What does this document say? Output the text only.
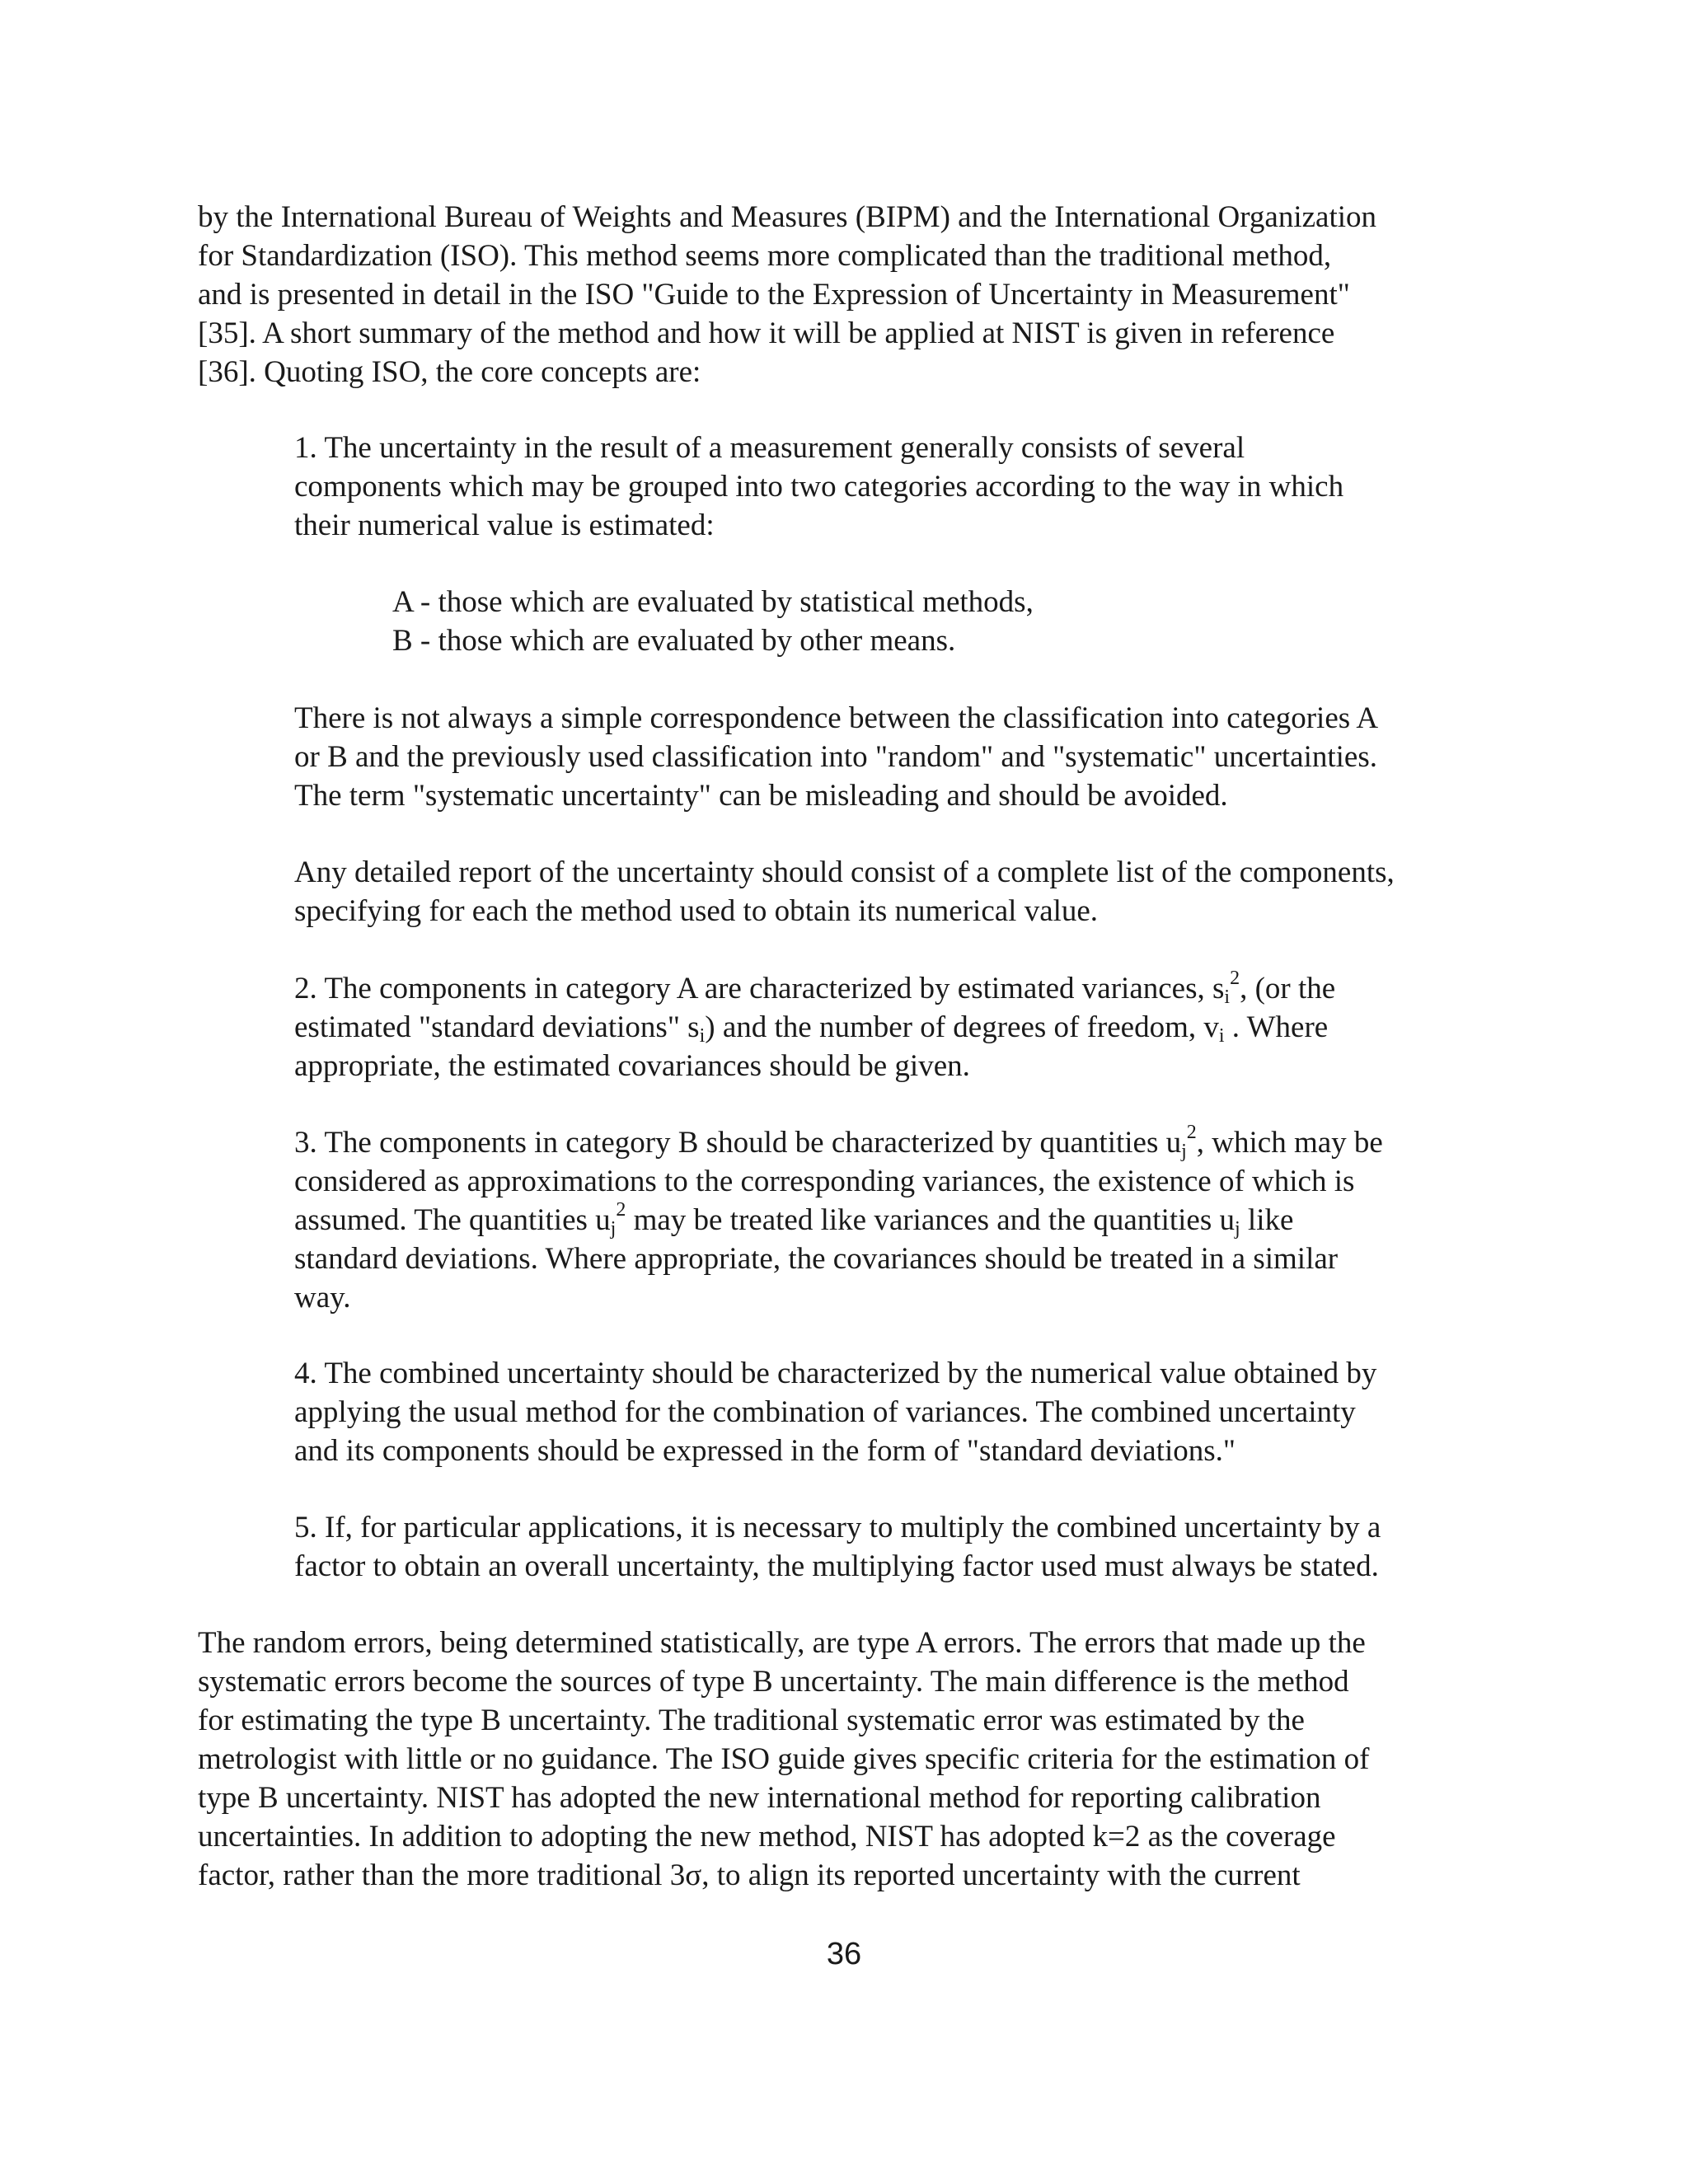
by the International Bureau of Weights and Measures (BIPM) and the International Organization
for Standardization (ISO). This method seems more complicated than the traditional method,
and is presented in detail in the ISO "Guide to the Expression of Uncertainty in Measurement"
[35]. A short summary of the method and how it will be applied at NIST is given in reference
[36]. Quoting ISO, the core concepts are:
1. The uncertainty in the result of a measurement generally consists of several
components which may be grouped into two categories according to the way in which
their numerical value is estimated:
A - those which are evaluated by statistical methods,
B - those which are evaluated by other means.
There is not always a simple correspondence between the classification into categories A
or B and the previously used classification into "random" and "systematic" uncertainties.
The term "systematic uncertainty" can be misleading and should be avoided.
Any detailed report of the uncertainty should consist of a complete list of the components,
specifying for each the method used to obtain its numerical value.
2. The components in category A are characterized by estimated variances, $s_i^2$, (or the
estimated "standard deviations" $s_i$) and the number of degrees of freedom, $v_i$ . Where
appropriate, the estimated covariances should be given.
3. The components in category B should be characterized by quantities $u_j^2$, which may be
considered as approximations to the corresponding variances, the existence of which is
assumed. The quantities $u_j^2$ may be treated like variances and the quantities $u_j$ like
standard deviations. Where appropriate, the covariances should be treated in a similar
way.
4. The combined uncertainty should be characterized by the numerical value obtained by
applying the usual method for the combination of variances. The combined uncertainty
and its components should be expressed in the form of "standard deviations."
5. If, for particular applications, it is necessary to multiply the combined uncertainty by a
factor to obtain an overall uncertainty, the multiplying factor used must always be stated.
The random errors, being determined statistically, are type A errors. The errors that made up the
systematic errors become the sources of type B uncertainty. The main difference is the method
for estimating the type B uncertainty. The traditional systematic error was estimated by the
metrologist with little or no guidance. The ISO guide gives specific criteria for the estimation of
type B uncertainty. NIST has adopted the new international method for reporting calibration
uncertainties. In addition to adopting the new method, NIST has adopted k=2 as the coverage
factor, rather than the more traditional 3σ, to align its reported uncertainty with the current
36
